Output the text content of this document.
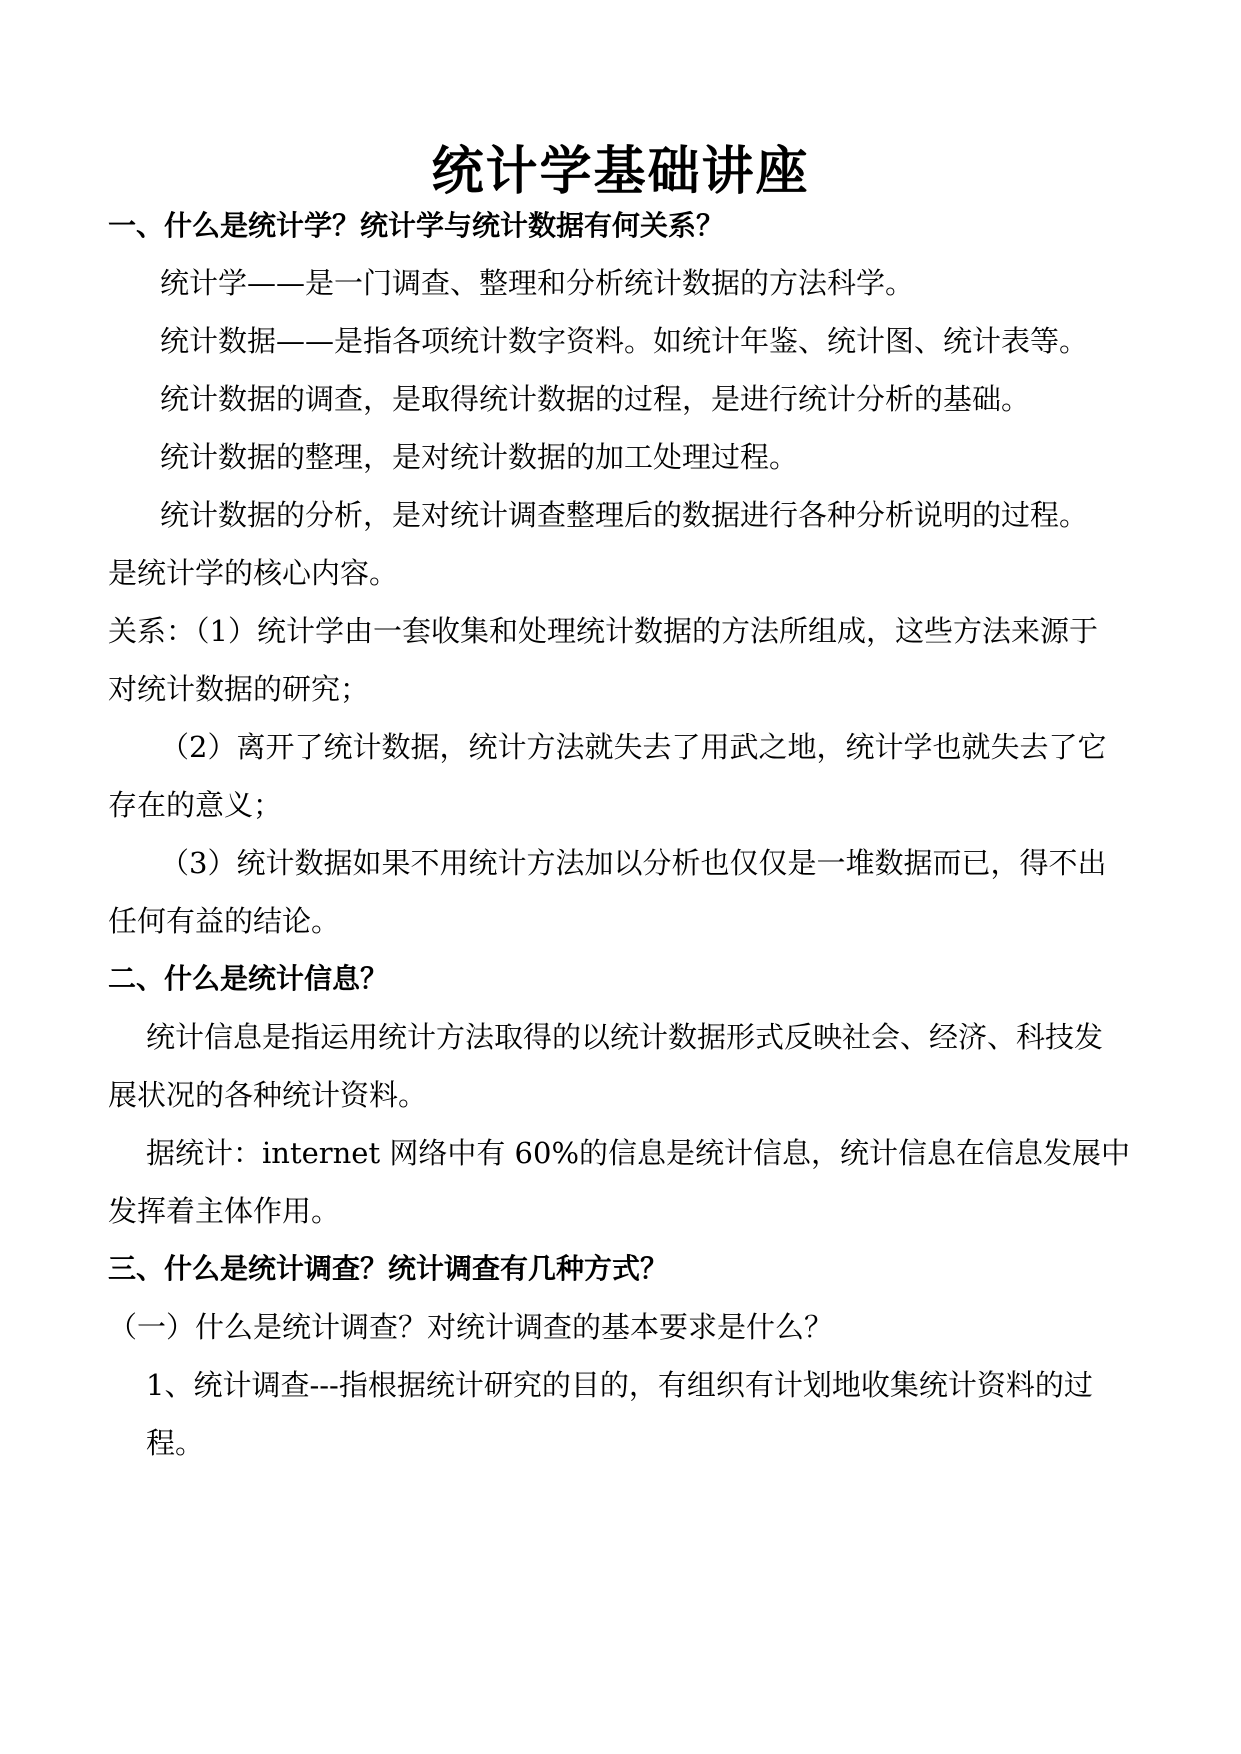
统计学基础讲座
一、什么是统计学？统计学与统计数据有何关系？
统计学——是一门调查、整理和分析统计数据的方法科学。
统计数据——是指各项统计数字资料。如统计年鉴、统计图、统计表等。
统计数据的调查，是取得统计数据的过程，是进行统计分析的基础。
统计数据的整理，是对统计数据的加工处理过程。
统计数据的分析，是对统计调查整理后的数据进行各种分析说明的过程。
是统计学的核心内容。
关系：（1）统计学由一套收集和处理统计数据的方法所组成，这些方法来源于
对统计数据的研究；
（2）离开了统计数据，统计方法就失去了用武之地，统计学也就失去了它
存在的意义；
（3）统计数据如果不用统计方法加以分析也仅仅是一堆数据而已，得不出
任何有益的结论。
二、什么是统计信息？
统计信息是指运用统计方法取得的以统计数据形式反映社会、经济、科技发
展状况的各种统计资料。
据统计：internet 网络中有 60%的信息是统计信息，统计信息在信息发展中
发挥着主体作用。
三、什么是统计调查？统计调查有几种方式？
（一）什么是统计调查？对统计调查的基本要求是什么？
1、统计调查---指根据统计研究的目的，有组织有计划地收集统计资料的过
程。
